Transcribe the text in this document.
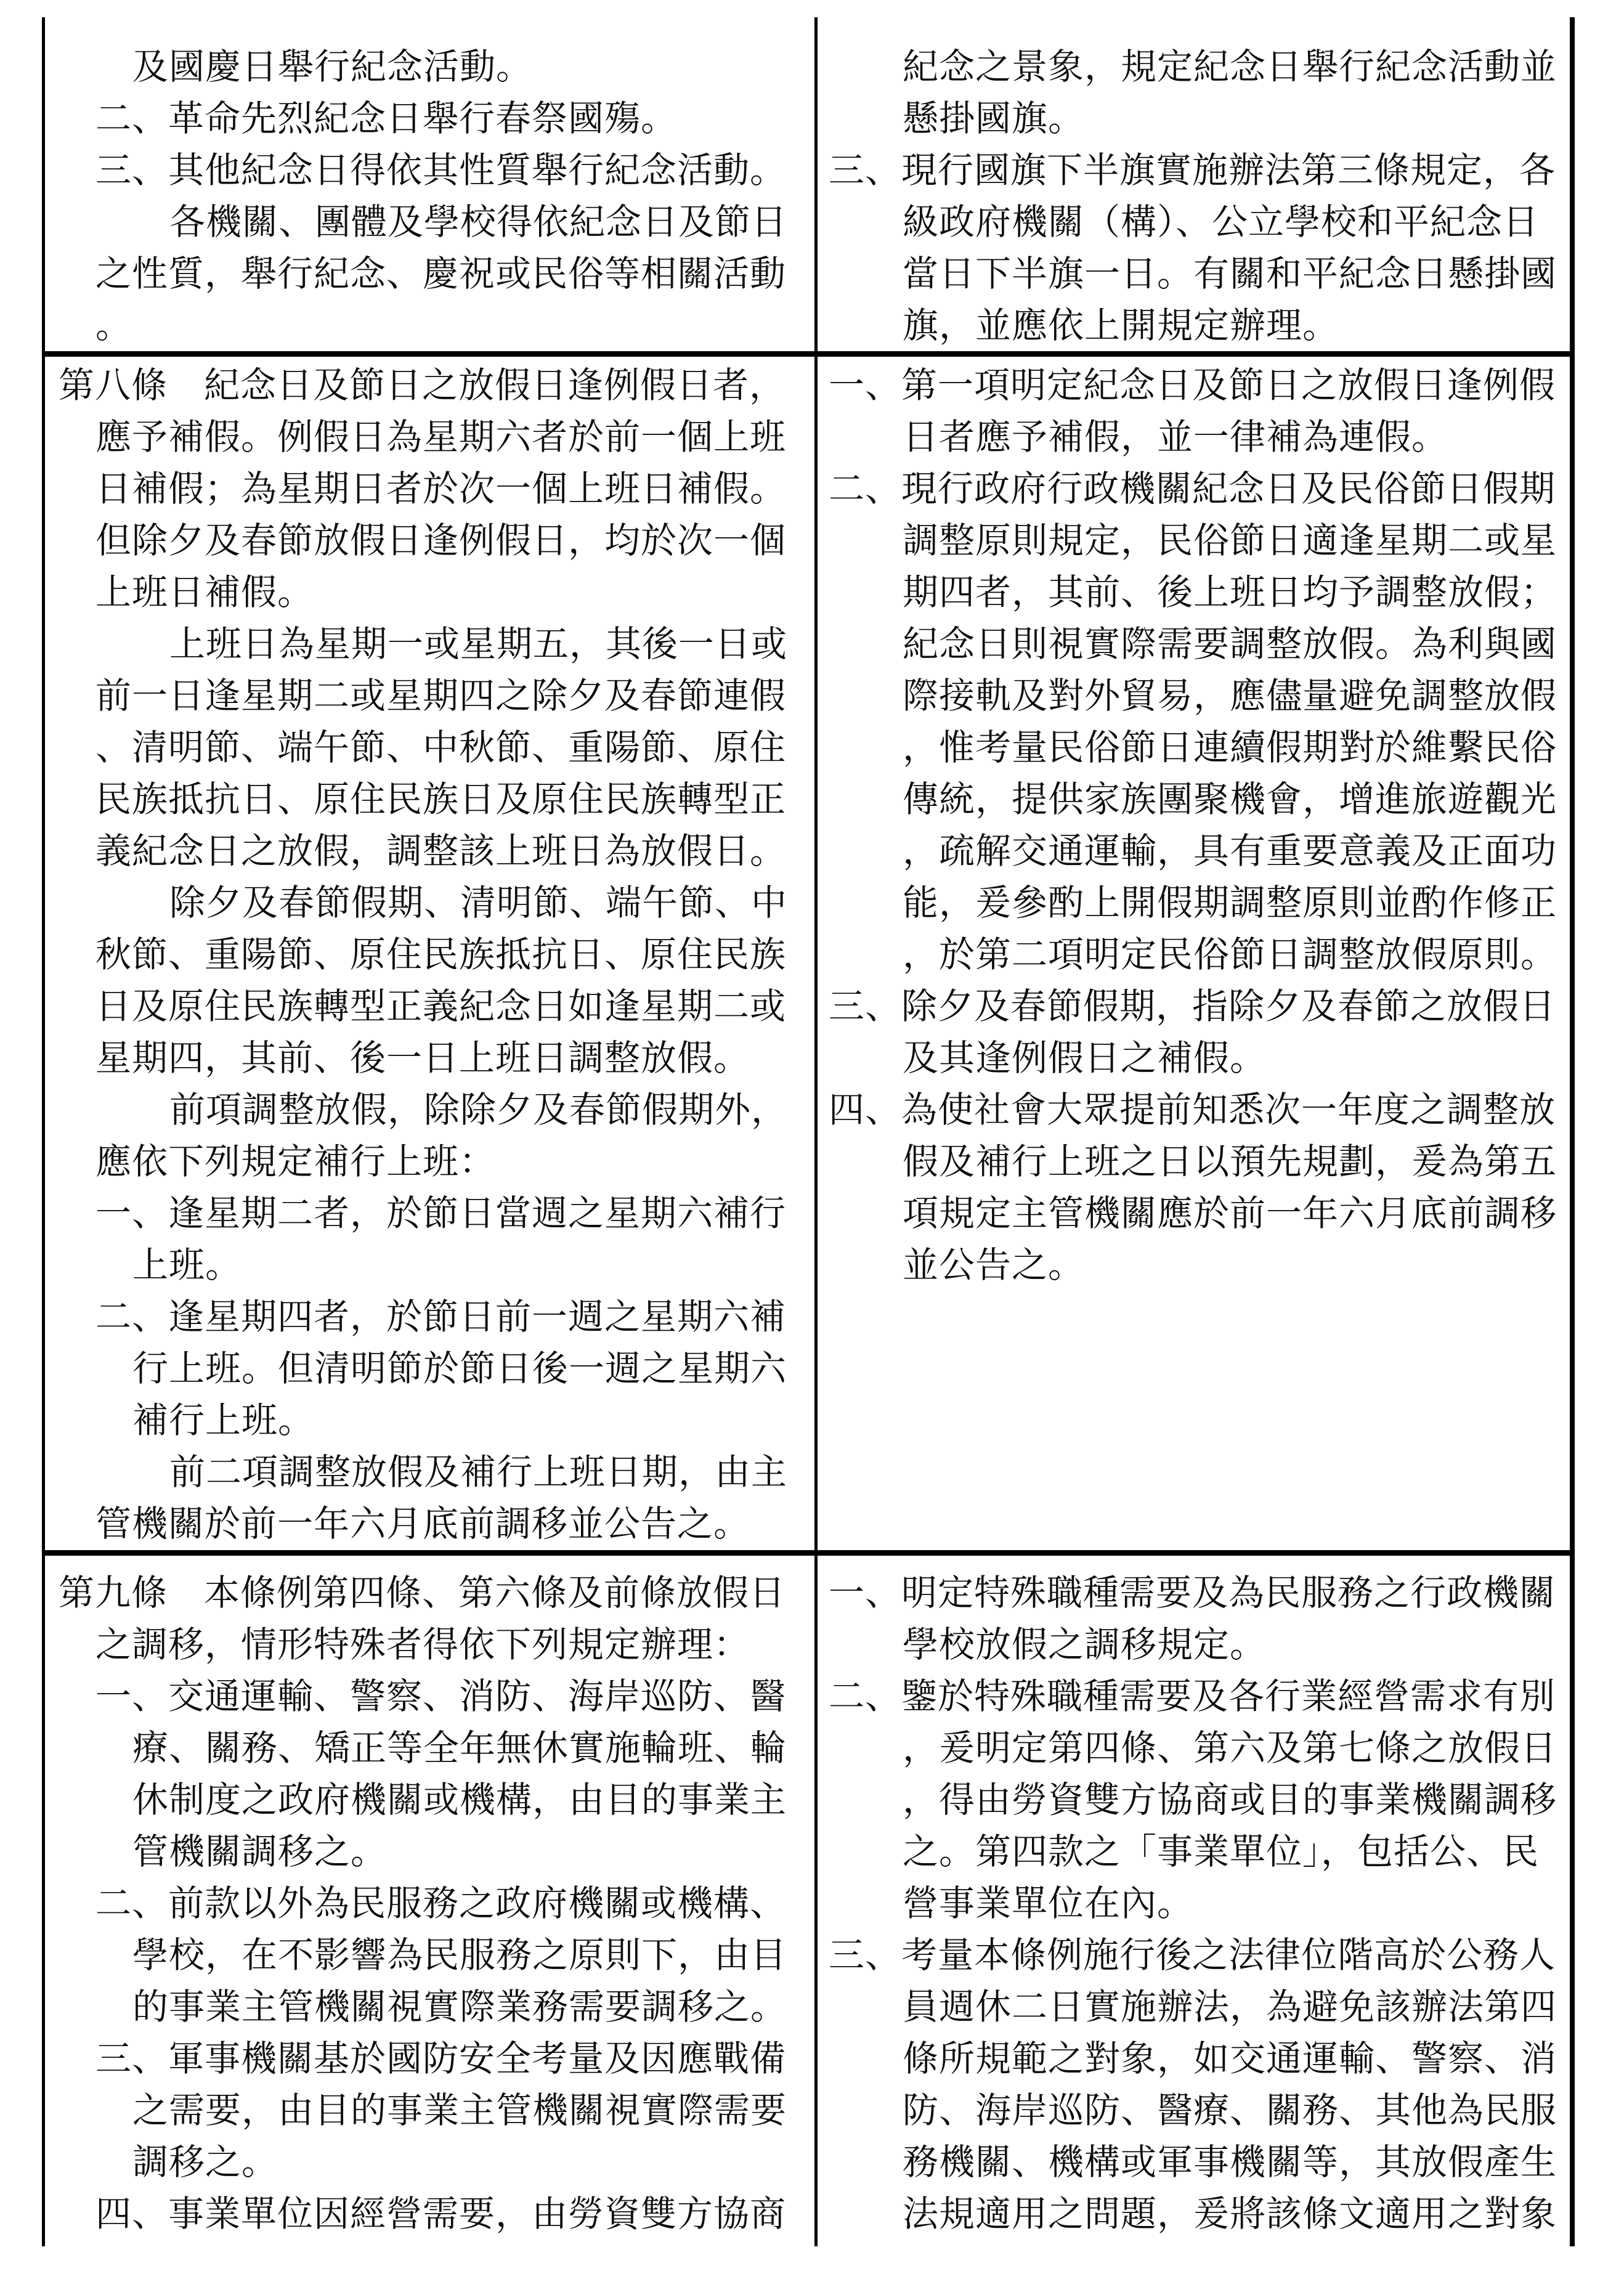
及國慶日舉行紀念活動。
二、革命先烈紀念日舉行春祭國殤。
三、其他紀念日得依其性質舉行紀念活動。
各機關、團體及學校得依紀念日及節日
之性質，舉行紀念、慶祝或民俗等相關活動
。
紀念之景象，規定紀念日舉行紀念活動並
懸掛國旗。
三、現行國旗下半旗實施辦法第三條規定，各
級政府機關（構）、公立學校和平紀念日
當日下半旗一日。有關和平紀念日懸掛國
旗，並應依上開規定辦理。
第八條　紀念日及節日之放假日逢例假日者，
應予補假。例假日為星期六者於前一個上班
日補假；為星期日者於次一個上班日補假。
但除夕及春節放假日逢例假日，均於次一個
上班日補假。
上班日為星期一或星期五，其後一日或
前一日逢星期二或星期四之除夕及春節連假
、清明節、端午節、中秋節、重陽節、原住
民族抵抗日、原住民族日及原住民族轉型正
義紀念日之放假，調整該上班日為放假日。
除夕及春節假期、清明節、端午節、中
秋節、重陽節、原住民族抵抗日、原住民族
日及原住民族轉型正義紀念日如逢星期二或
星期四，其前、後一日上班日調整放假。
前項調整放假，除除夕及春節假期外，
應依下列規定補行上班：
一、逢星期二者，於節日當週之星期六補行
上班。
二、逢星期四者，於節日前一週之星期六補
行上班。但清明節於節日後一週之星期六
補行上班。
前二項調整放假及補行上班日期，由主
管機關於前一年六月底前調移並公告之。
一、第一項明定紀念日及節日之放假日逢例假
日者應予補假，並一律補為連假。
二、現行政府行政機關紀念日及民俗節日假期
調整原則規定，民俗節日適逢星期二或星
期四者，其前、後上班日均予調整放假；
紀念日則視實際需要調整放假。為利與國
際接軌及對外貿易，應儘量避免調整放假
，惟考量民俗節日連續假期對於維繫民俗
傳統，提供家族團聚機會，增進旅遊觀光
，疏解交通運輸，具有重要意義及正面功
能，爰參酌上開假期調整原則並酌作修正
，於第二項明定民俗節日調整放假原則。
三、除夕及春節假期，指除夕及春節之放假日
及其逢例假日之補假。
四、為使社會大眾提前知悉次一年度之調整放
假及補行上班之日以預先規劃，爰為第五
項規定主管機關應於前一年六月底前調移
並公告之。
第九條　本條例第四條、第六條及前條放假日
之調移，情形特殊者得依下列規定辦理：
一、交通運輸、警察、消防、海岸巡防、醫
療、關務、矯正等全年無休實施輪班、輪
休制度之政府機關或機構，由目的事業主
管機關調移之。
二、前款以外為民服務之政府機關或機構、
學校，在不影響為民服務之原則下，由目
的事業主管機關視實際業務需要調移之。
三、軍事機關基於國防安全考量及因應戰備
之需要，由目的事業主管機關視實際需要
調移之。
四、事業單位因經營需要，由勞資雙方協商
一、明定特殊職種需要及為民服務之行政機關
學校放假之調移規定。
二、鑒於特殊職種需要及各行業經營需求有別
，爰明定第四條、第六及第七條之放假日
，得由勞資雙方協商或目的事業機關調移
之。第四款之「事業單位」，包括公、民
營事業單位在內。
三、考量本條例施行後之法律位階高於公務人
員週休二日實施辦法，為避免該辦法第四
條所規範之對象，如交通運輸、警察、消
防、海岸巡防、醫療、關務、其他為民服
務機關、機構或軍事機關等，其放假產生
法規適用之問題，爰將該條文適用之對象
